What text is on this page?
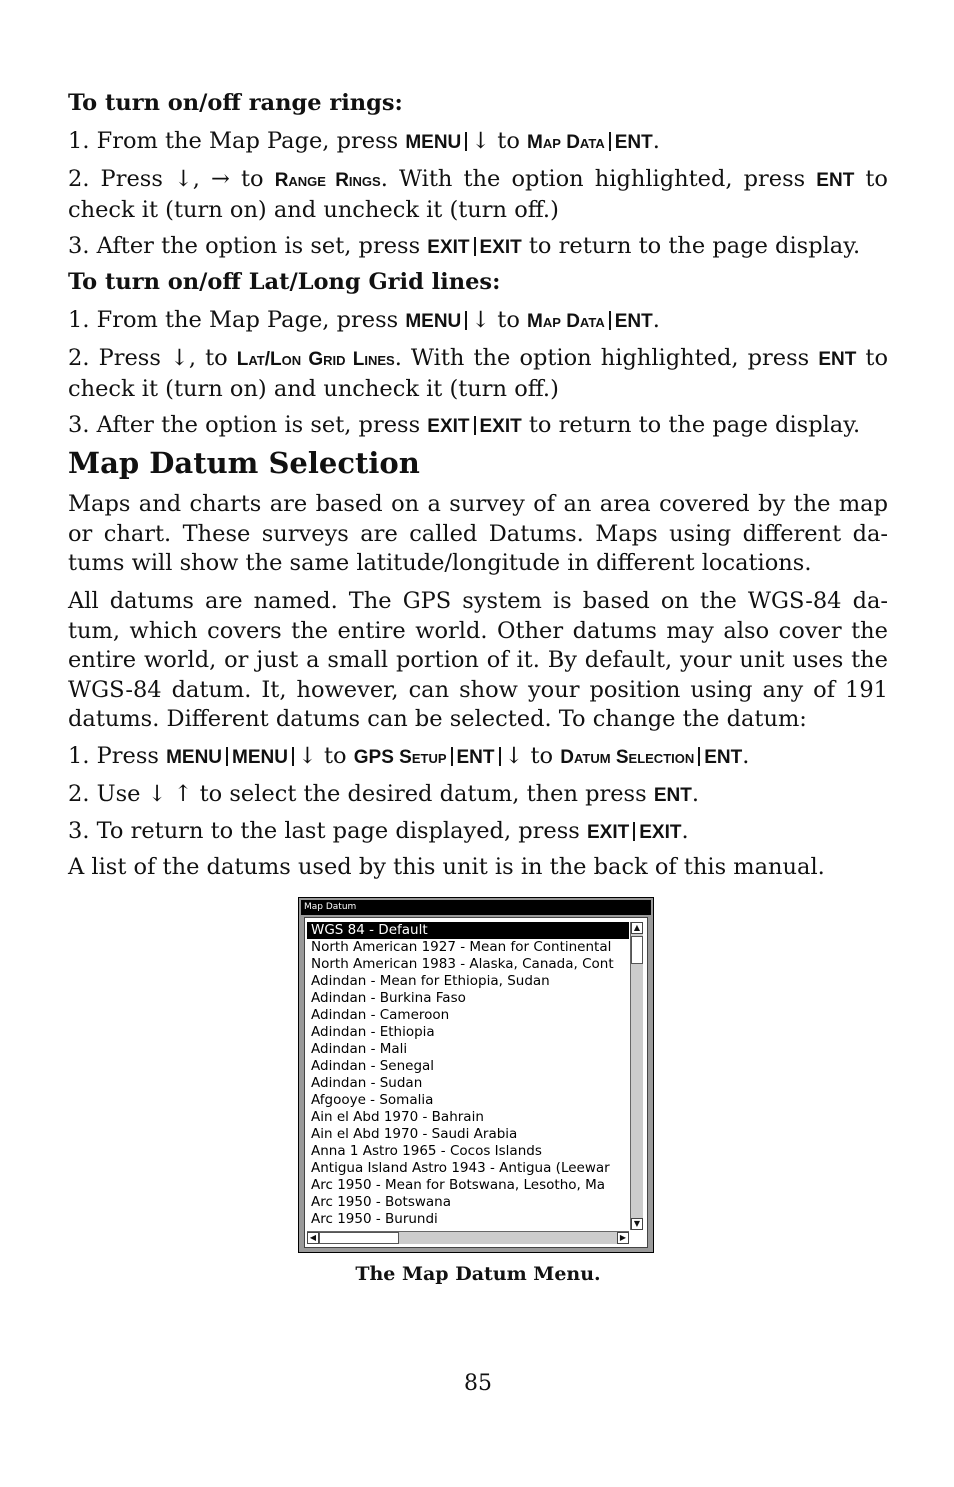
To turn on/off range rings:

1. From the Map Page, press MENU ↓ to Map Data ENT.

2. Press ↓, → to Range Rings. With the option highlighted, press ENT to check it (turn on) and uncheck it (turn off.)

3. After the option is set, press EXIT EXIT to return to the page display.

To turn on/off Lat/Long Grid lines:

1. From the Map Page, press MENU ↓ to Map Data ENT.

2. Press ↓, to Lat/Lon Grid Lines. With the option highlighted, press ENT to check it (turn on) and uncheck it (turn off.)

3. After the option is set, press EXIT EXIT to return to the page display.

Map Datum Selection

Maps and charts are based on a survey of an area covered by the map or chart. These surveys are called Datums. Maps using different da-tums will show the same latitude/longitude in different locations.

All datums are named. The GPS system is based on the WGS-84 da-tum, which covers the entire world. Other datums may also cover the entire world, or just a small portion of it. By default, your unit uses the WGS-84 datum. It, however, can show your position using any of 191 datums. Different datums can be selected. To change the datum:

1. Press MENU MENU ↓ to GPS Setup ENT ↓ to Datum Selection ENT.

2. Use ↓ ↑ to select the desired datum, then press ENT.

3. To return to the last page displayed, press EXIT EXIT.

A list of the datums used by this unit is in the back of this manual.

The Map Datum Menu.

85

Map Datum
WGS 84 - Default
North American 1927 - Mean for Continental
North American 1983 - Alaska, Canada, Cont
Adindan - Mean for Ethiopia, Sudan
Adindan - Burkina Faso
Adindan - Cameroon
Adindan - Ethiopia
Adindan - Mali
Adindan - Senegal
Adindan - Sudan
Afgooye - Somalia
Ain el Abd 1970 - Bahrain
Ain el Abd 1970 - Saudi Arabia
Anna 1 Astro 1965 - Cocos Islands
Antigua Island Astro 1943 - Antigua (Leewar
Arc 1950 - Mean for Botswana, Lesotho, Ma
Arc 1950 - Botswana
Arc 1950 - Burundi
▲
▼
◀	▶
